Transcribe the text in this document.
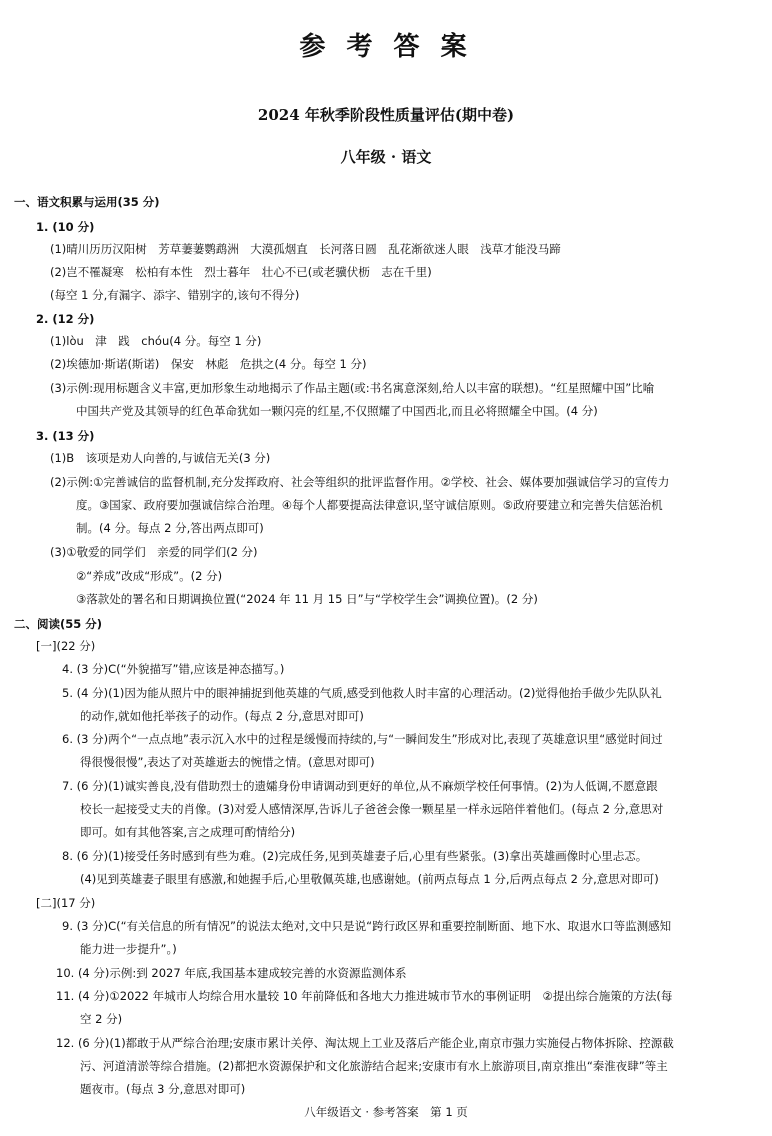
参 考 答 案
2024 年秋季阶段性质量评估(期中卷)
八年级 · 语文
一、语文积累与运用(35 分)
1. (10 分)
(1)晴川历历汉阳树　芳草萋萋鹦鹉洲　大漠孤烟直　长河落日圆　乱花渐欲迷人眼　浅草才能没马蹄
(2)岂不罹凝寒　松柏有本性　烈士暮年　壮心不已(或老骥伏枥　志在千里)
(每空 1 分,有漏字、添字、错别字的,该句不得分)
2. (12 分)
(1)lòu　津　践　chóu(4 分。每空 1 分)
(2)埃德加·斯诺(斯诺)　保安　林彪　危拱之(4 分。每空 1 分)
(3)示例:现用标题含义丰富,更加形象生动地揭示了作品主题(或:书名寓意深刻,给人以丰富的联想)。“红星照耀中国”比喻
中国共产党及其领导的红色革命犹如一颗闪亮的红星,不仅照耀了中国西北,而且必将照耀全中国。(4 分)
3. (13 分)
(1)B　该项是劝人向善的,与诚信无关(3 分)
(2)示例:①完善诚信的监督机制,充分发挥政府、社会等组织的批评监督作用。②学校、社会、媒体要加强诚信学习的宣传力
度。③国家、政府要加强诚信综合治理。④每个人都要提高法律意识,坚守诚信原则。⑤政府要建立和完善失信惩治机
制。(4 分。每点 2 分,答出两点即可)
(3)①敬爱的同学们　亲爱的同学们(2 分)
②“养成”改成“形成”。(2 分)
③落款处的署名和日期调换位置(“2024 年 11 月 15 日”与“学校学生会”调换位置)。(2 分)
二、阅读(55 分)
[一](22 分)
4. (3 分)C(“外貌描写”错,应该是神态描写。)
5. (4 分)(1)因为能从照片中的眼神捕捉到他英雄的气质,感受到他救人时丰富的心理活动。(2)觉得他抬手做少先队队礼
的动作,就如他托举孩子的动作。(每点 2 分,意思对即可)
6. (3 分)两个“一点点地”表示沉入水中的过程是缓慢而持续的,与“一瞬间发生”形成对比,表现了英雄意识里“感觉时间过
得很慢很慢”,表达了对英雄逝去的惋惜之情。(意思对即可)
7. (6 分)(1)诚实善良,没有借助烈士的遗孀身份申请调动到更好的单位,从不麻烦学校任何事情。(2)为人低调,不愿意跟
校长一起接受丈夫的肖像。(3)对爱人感情深厚,告诉儿子爸爸会像一颗星星一样永远陪伴着他们。(每点 2 分,意思对
即可。如有其他答案,言之成理可酌情给分)
8. (6 分)(1)接受任务时感到有些为难。(2)完成任务,见到英雄妻子后,心里有些紧张。(3)拿出英雄画像时心里忐忑。
(4)见到英雄妻子眼里有感激,和她握手后,心里敬佩英雄,也感谢她。(前两点每点 1 分,后两点每点 2 分,意思对即可)
[二](17 分)
9. (3 分)C(“有关信息的所有情况”的说法太绝对,文中只是说“跨行政区界和重要控制断面、地下水、取退水口等监测感知
能力进一步提升”。)
10. (4 分)示例:到 2027 年底,我国基本建成较完善的水资源监测体系
11. (4 分)①2022 年城市人均综合用水量较 10 年前降低和各地大力推进城市节水的事例证明　②提出综合施策的方法(每
空 2 分)
12. (6 分)(1)都敢于从严综合治理;安康市累计关停、淘汰规上工业及落后产能企业,南京市强力实施侵占物体拆除、控源截
污、河道清淤等综合措施。(2)都把水资源保护和文化旅游结合起来;安康市有水上旅游项目,南京推出“秦淮夜肆”等主
题夜市。(每点 3 分,意思对即可)
八年级语文 · 参考答案　第 1 页
